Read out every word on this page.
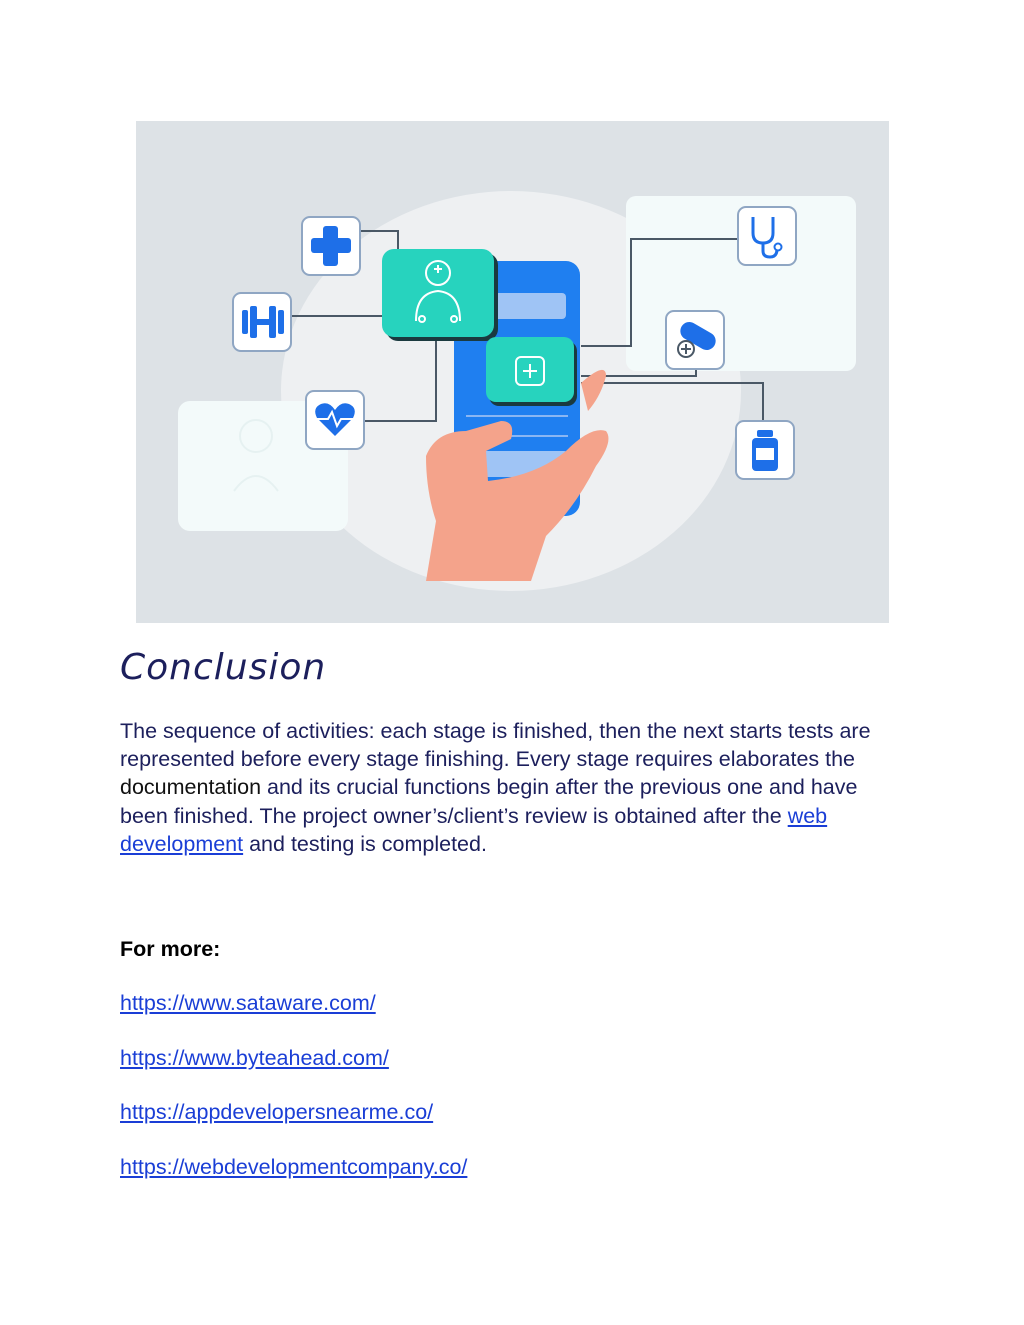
Conclusion

The sequence of activities: each stage is finished, then the next starts tests are represented before every stage finishing. Every stage requires elaborates the documentation and its crucial functions begin after the previous one and have been finished. The project owner’s/client’s review is obtained after the web development and testing is completed.

For more:

https://www.sataware.com/
https://www.byteahead.com/
https://appdevelopersnearme.co/
https://webdevelopmentcompany.co/
